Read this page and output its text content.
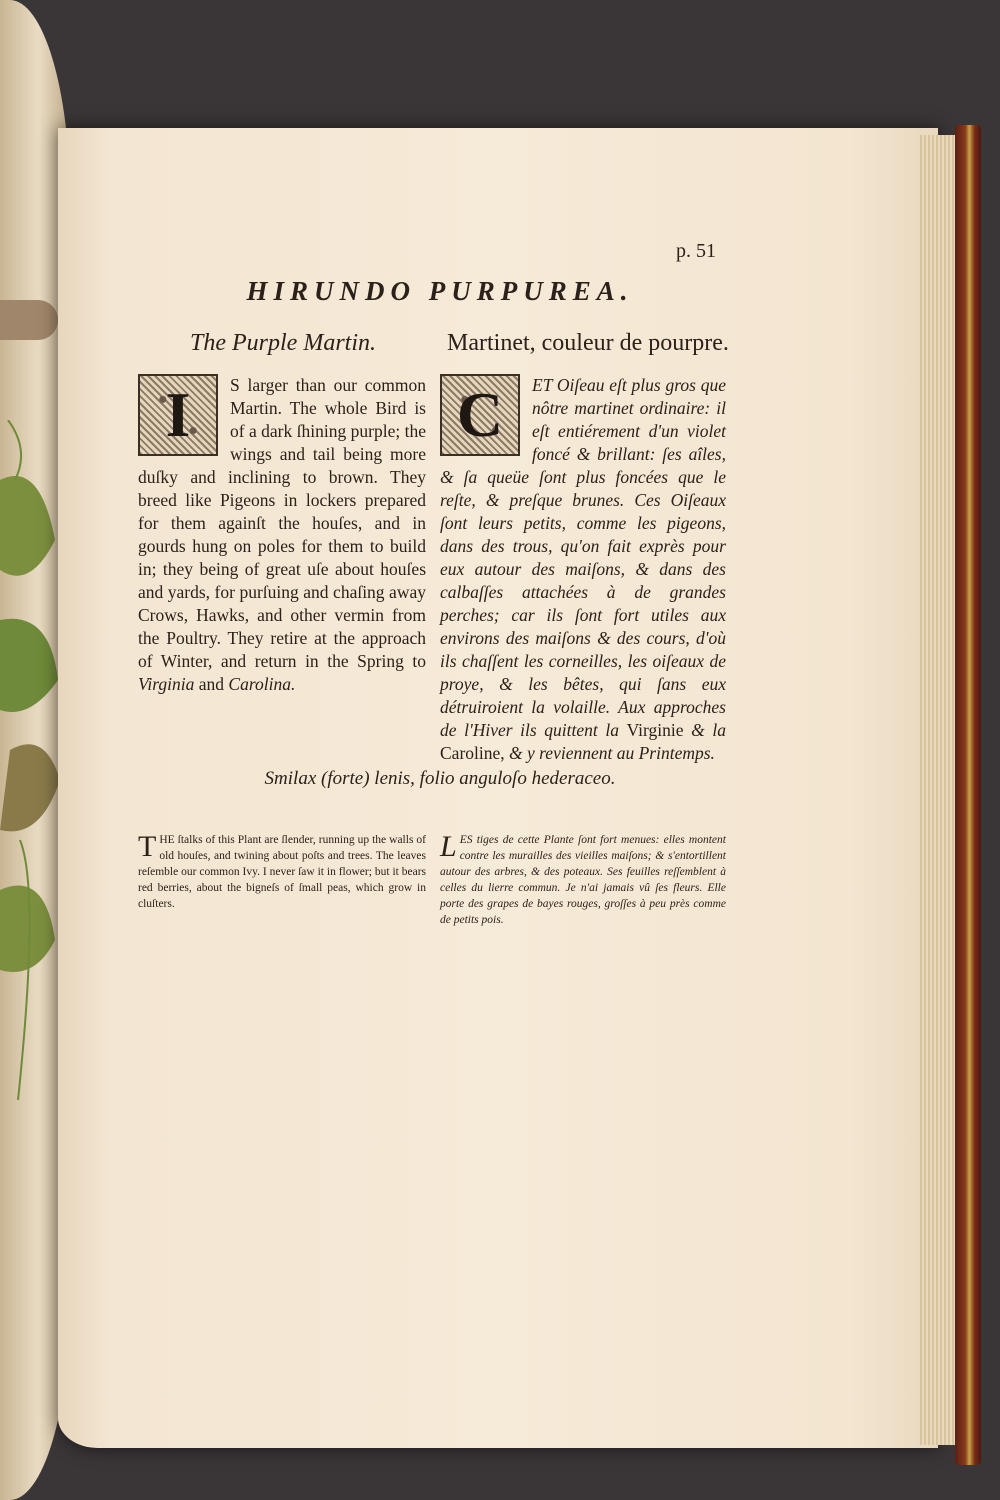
p. 51

HIRUNDO PURPUREA.
The Purple Martin.	Martinet, couleur de pourpre.
I	S larger than our common Martin. The whole Bird is of a dark ſhining purple; the wings and tail being more duſky and inclining to brown. They breed like Pigeons in lockers prepared for them againſt the houſes, and in gourds hung on poles for them to build in; they being of great uſe about houſes and yards, for purſuing and chaſing away Crows, Hawks, and other vermin from the Poultry. They retire at the approach of Winter, and return in the Spring to Virginia and Carolina.
C	ET Oiſeau eſt plus gros que nôtre martinet ordinaire: il eſt entiérement d'un violet foncé & brillant: ſes aîles, & ſa queüe ſont plus foncées que le reſte, & preſque brunes. Ces Oiſeaux ſont leurs petits, comme les pigeons, dans des trous, qu'on fait exprès pour eux autour des maiſons, & dans des calbaſſes attachées à de grandes perches; car ils ſont fort utiles aux environs des maiſons & des cours, d'où ils chaſſent les corneilles, les oiſeaux de proye, & les bêtes, qui ſans eux détruiroient la volaille. Aux approches de l'Hiver ils quittent la Virginie & la Caroline, & y reviennent au Printemps.
Smilax (forte) lenis, folio anguloſo hederaceo.
THE ſtalks of this Plant are ſlender, running up the walls of old houſes, and twining about poſts and trees. The leaves reſemble our common Ivy. I never ſaw it in flower; but it bears red berries, about the bigneſs of ſmall peas, which grow in cluſters.
LES tiges de cette Plante ſont fort menues: elles montent contre les murailles des vieilles maiſons; & s'entortillent autour des arbres, & des poteaux. Ses feuilles reſſemblent à celles du lierre commun. Je n'ai jamais vû ſes fleurs. Elle porte des grapes de bayes rouges, groſſes à peu près comme de petits pois.
